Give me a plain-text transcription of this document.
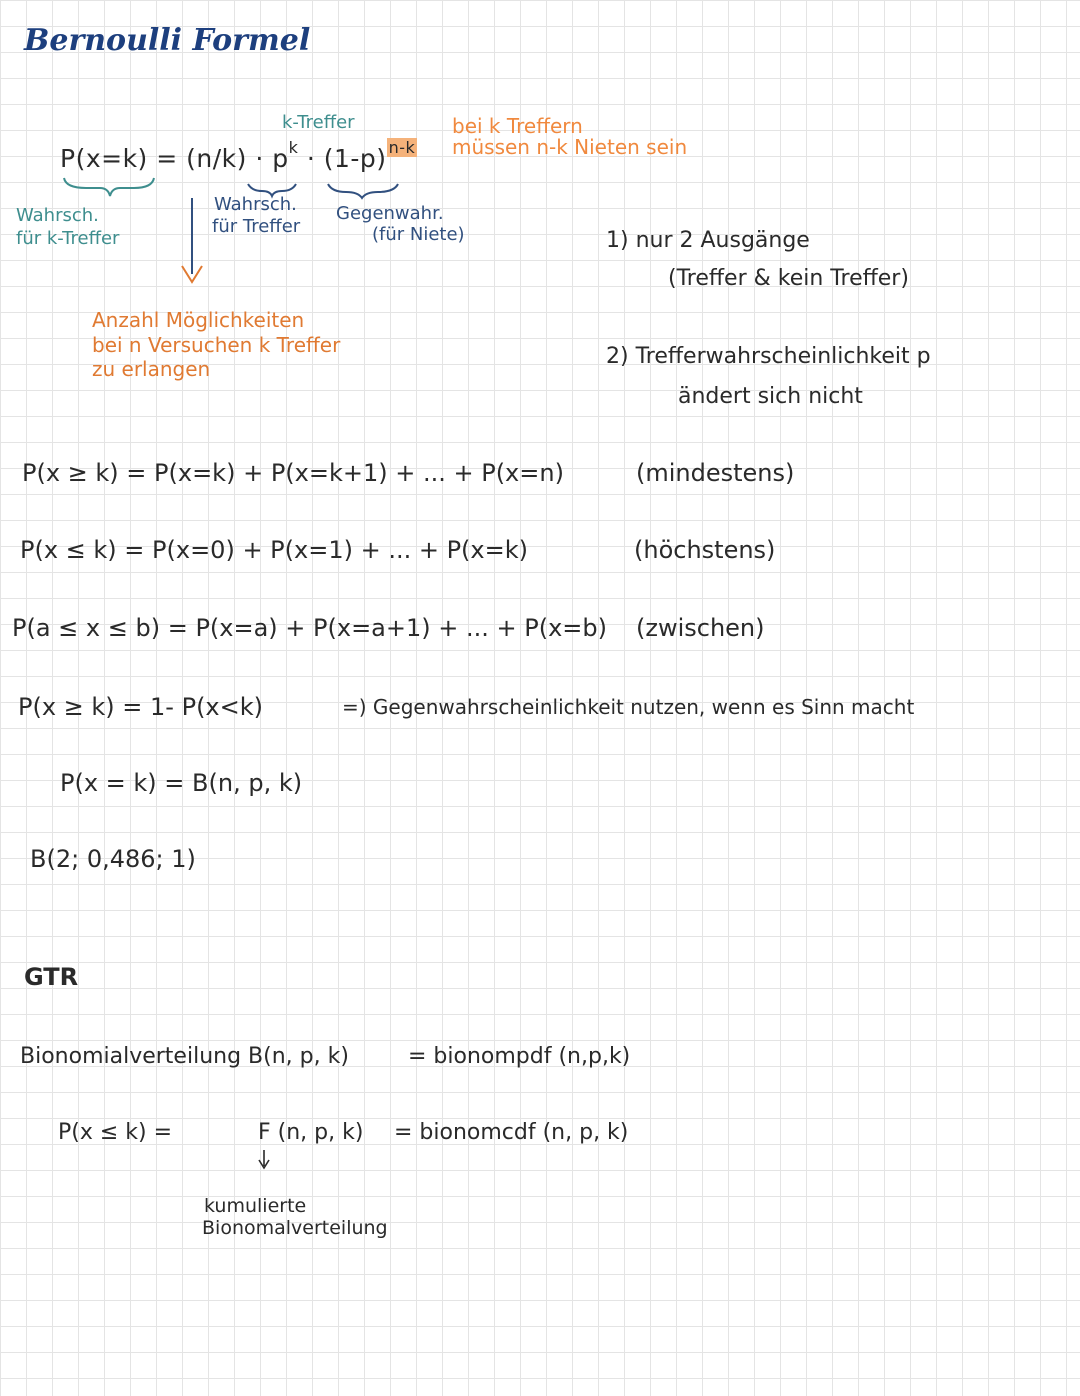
Bernoulli Formel
k-Treffer
$P(x=k) = (n/k) \cdot p^k \cdot (1-p)$ $^{n-k}$
bei k Treffern
müssen n-k Nieten sein
Wahrsch.
für k-Treffer
Wahrsch.
für Treffer
Gegenwahr.
(für Niete)
Anzahl Möglichkeiten
bei n Versuchen k Treffer
zu erlangen
1) nur 2 Ausgänge
(Treffer & kein Treffer)
2) Trefferwahrscheinlichkeit p
ändert sich nicht
P(x ≥ k) = P(x=k) + P(x=k+1) + ... + P(x=n)	(mindestens)
P(x ≤ k) = P(x=0) + P(x=1) + ... + P(x=k)	(höchstens)
P(a ≤ x ≤ b) = P(x=a) + P(x=a+1) + ... + P(x=b) (zwischen)
P(x ≥ k) = 1- P(x<k)	=) Gegenwahrscheinlichkeit nutzen, wenn es Sinn macht
P(x = k) = B(n, p, k)
B(2; 0,486; 1)
GTR
Bionomialverteilung B(n, p, k)	= bionompdf (n,p,k)
P(x ≤ k) =	F (n, p, k) = bionomcdf (n, p, k)
kumulierte
Bionomalverteilung
